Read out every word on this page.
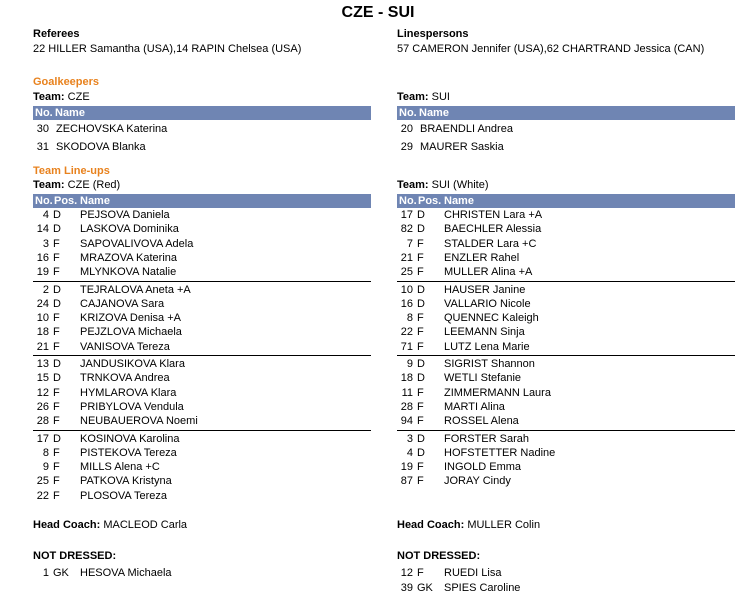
CZE - SUI
Referees
22 HILLER Samantha (USA),14 RAPIN Chelsea (USA)
Linespersons
57 CAMERON Jennifer (USA),62 CHARTRAND Jessica (CAN)
Goalkeepers
Team: CZE
No. Name
30 ZECHOVSKA Katerina
31 SKODOVA Blanka
Team: SUI
No. Name
20 BRAENDLI Andrea
29 MAURER Saskia
Team Line-ups
Team: CZE (Red)
No. Pos. Name
4 D PEJSOVA Daniela
14 D LASKOVA Dominika
3 F SAPOVALIVOVA Adela
16 F MRAZOVA Katerina
19 F MLYNKOVA Natalie
2 D TEJRALOVA Aneta +A
24 D CAJANOVA Sara
10 F KRIZOVA Denisa +A
18 F PEJZLOVA Michaela
21 F VANISOVA Tereza
13 D JANDUSIKOVA Klara
15 D TRNKOVA Andrea
12 F HYMLAROVA Klara
26 F PRIBYLOVA Vendula
28 F NEUBAUEROVA Noemi
17 D KOSINOVA Karolina
8 F PISTEKOVA Tereza
9 F MILLS Alena +C
25 F PATKOVA Kristyna
22 F PLOSOVA Tereza
Head Coach: MACLEOD Carla
NOT DRESSED:
1 GK HESOVA Michaela
Team: SUI (White)
No. Pos. Name
17 D CHRISTEN Lara +A
82 D BAECHLER Alessia
7 F STALDER Lara +C
21 F ENZLER Rahel
25 F MULLER Alina +A
10 D HAUSER Janine
16 D VALLARIO Nicole
8 F QUENNEC Kaleigh
22 F LEEMANN Sinja
71 F LUTZ Lena Marie
9 D SIGRIST Shannon
18 D WETLI Stefanie
11 F ZIMMERMANN Laura
28 F MARTI Alina
94 F ROSSEL Alena
3 D FORSTER Sarah
4 D HOFSTETTER Nadine
19 F INGOLD Emma
87 F JORAY Cindy
Head Coach: MULLER Colin
NOT DRESSED:
12 F RUEDI Lisa
39 GK SPIES Caroline
